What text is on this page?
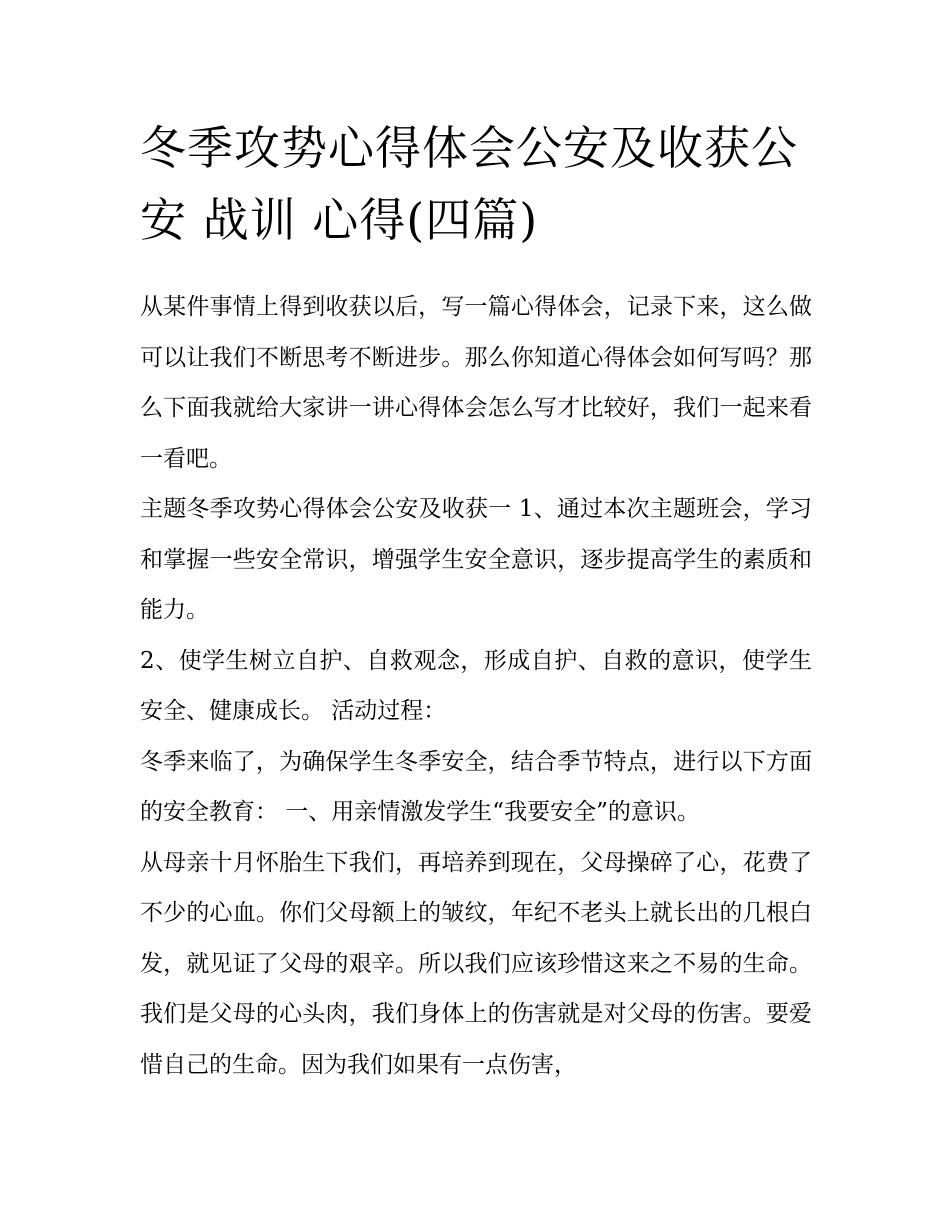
冬季攻势心得体会公安及收获公安 战训 心得(四篇)

从某件事情上得到收获以后，写一篇心得体会，记录下来，这么做可以让我们不断思考不断进步。那么你知道心得体会如何写吗？那么下面我就给大家讲一讲心得体会怎么写才比较好，我们一起来看一看吧。

主题冬季攻势心得体会公安及收获一 1、通过本次主题班会，学习和掌握一些安全常识，增强学生安全意识，逐步提高学生的素质和能力。

2、使学生树立自护、自救观念，形成自护、自救的意识，使学生安全、健康成长。 活动过程：

冬季来临了，为确保学生冬季安全，结合季节特点，进行以下方面的安全教育： 一、用亲情激发学生“我要安全”的意识。

从母亲十月怀胎生下我们，再培养到现在，父母操碎了心，花费了不少的心血。你们父母额上的皱纹，年纪不老头上就长出的几根白发，就见证了父母的艰辛。所以我们应该珍惜这来之不易的生命。我们是父母的心头肉，我们身体上的伤害就是对父母的伤害。要爱惜自己的生命。因为我们如果有一点伤害，
